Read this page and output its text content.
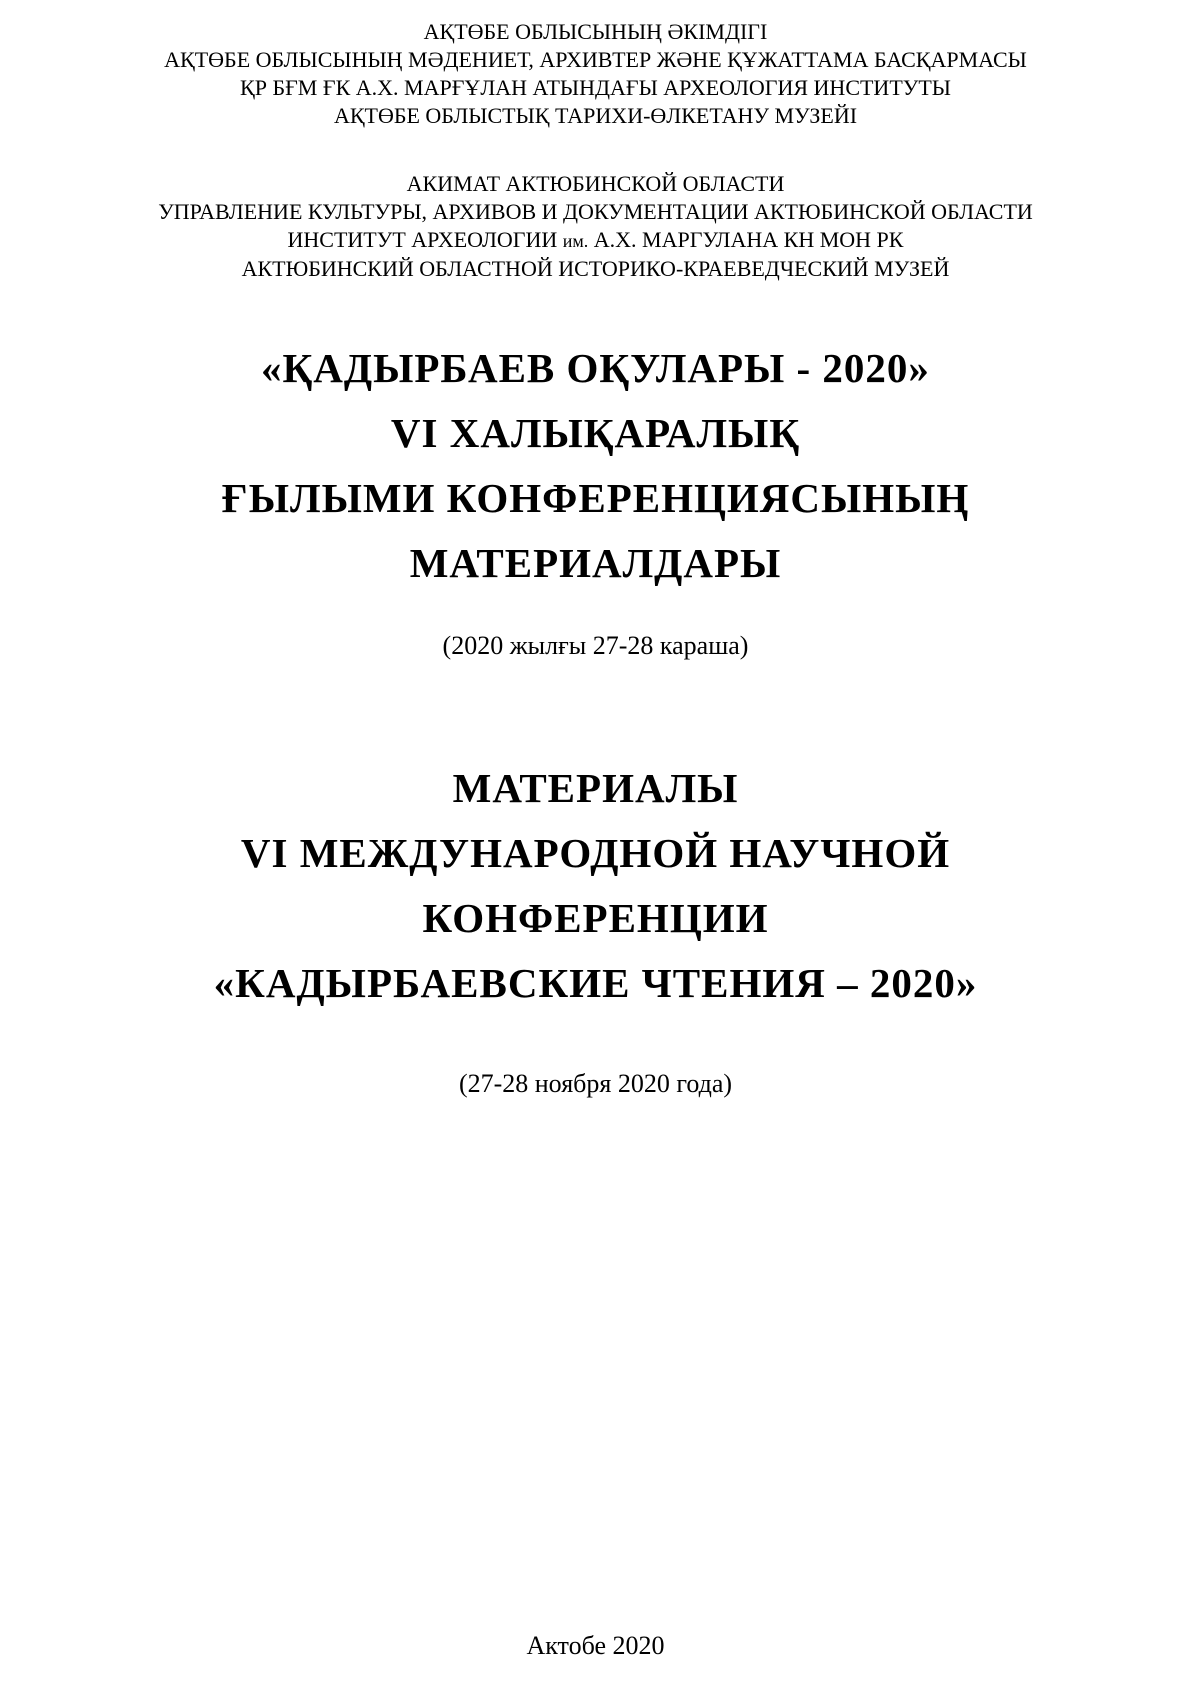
АҚТӨБЕ ОБЛЫСЫНЫҢ ӘКІМДІГІ
АҚТӨБЕ ОБЛЫСЫНЫҢ МӘДЕНИЕТ, АРХИВТЕР ЖӘНЕ ҚҰЖАТТАМА БАСҚАРМАСЫ
ҚР БҒМ ҒК А.Х. МАРҒҰЛАН АТЫНДАҒЫ АРХЕОЛОГИЯ ИНСТИТУТЫ
АҚТӨБЕ ОБЛЫСТЫҚ ТАРИХИ-ӨЛКЕТАНУ МУЗЕЙІ
АКИМАТ АКТЮБИНСКОЙ ОБЛАСТИ
УПРАВЛЕНИЕ КУЛЬТУРЫ, АРХИВОВ И ДОКУМЕНТАЦИИ АКТЮБИНСКОЙ ОБЛАСТИ
ИНСТИТУТ АРХЕОЛОГИИ им. А.Х. МАРГУЛАНА КН МОН РК
АКТЮБИНСКИЙ ОБЛАСТНОЙ ИСТОРИКО-КРАЕВЕДЧЕСКИЙ МУЗЕЙ
«ҚАДЫРБАЕВ ОҚУЛАРЫ - 2020»
VI ХАЛЫҚАРАЛЫҚ
ҒЫЛЫМИ КОНФЕРЕНЦИЯСЫНЫҢ
МАТЕРИАЛДАРЫ
(2020 жылғы 27-28 караша)
МАТЕРИАЛЫ
VI МЕЖДУНАРОДНОЙ НАУЧНОЙ
КОНФЕРЕНЦИИ
«КАДЫРБАЕВСКИЕ ЧТЕНИЯ – 2020»
(27-28 ноября 2020 года)
Актобе 2020
